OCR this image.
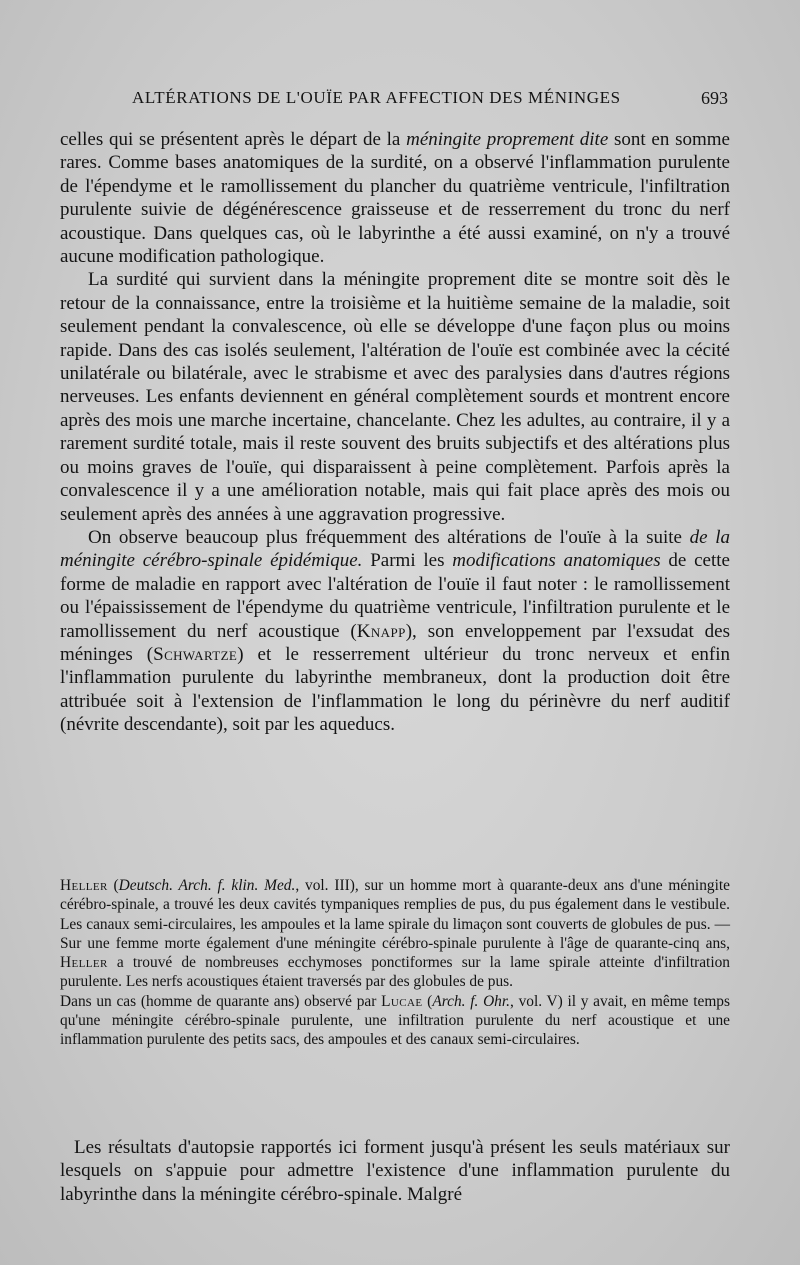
ALTÉRATIONS DE L'OUÏE PAR AFFECTION DES MÉNINGES	693

celles qui se présentent après le départ de la méningite proprement dite sont en somme rares. Comme bases anatomiques de la surdité, on a observé l'inflammation purulente de l'épendyme et le ramollissement du plancher du quatrième ventricule, l'infiltration purulente suivie de dégénérescence graisseuse et de resserrement du tronc du nerf acoustique. Dans quelques cas, où le labyrinthe a été aussi examiné, on n'y a trouvé aucune modification pathologique.

La surdité qui survient dans la méningite proprement dite se montre soit dès le retour de la connaissance, entre la troisième et la huitième semaine de la maladie, soit seulement pendant la convalescence, où elle se développe d'une façon plus ou moins rapide. Dans des cas isolés seulement, l'altération de l'ouïe est combinée avec la cécité unilatérale ou bilatérale, avec le strabisme et avec des paralysies dans d'autres régions nerveuses. Les enfants deviennent en général complètement sourds et montrent encore après des mois une marche incertaine, chancelante. Chez les adultes, au contraire, il y a rarement surdité totale, mais il reste souvent des bruits subjectifs et des altérations plus ou moins graves de l'ouïe, qui disparaissent à peine complètement. Parfois après la convalescence il y a une amélioration notable, mais qui fait place après des mois ou seulement après des années à une aggravation progressive.

On observe beaucoup plus fréquemment des altérations de l'ouïe à la suite de la méningite cérébro-spinale épidémique. Parmi les modifications anatomiques de cette forme de maladie en rapport avec l'altération de l'ouïe il faut noter : le ramollissement ou l'épaississement de l'épendyme du quatrième ventricule, l'infiltration purulente et le ramollissement du nerf acoustique (Knapp), son enveloppement par l'exsudat des méninges (Schwartze) et le resserrement ultérieur du tronc nerveux et enfin l'inflammation purulente du labyrinthe membraneux, dont la production doit être attribuée soit à l'extension de l'inflammation le long du périnèvre du nerf auditif (névrite descendante), soit par les aqueducs.

Heller (Deutsch. Arch. f. klin. Med., vol. III), sur un homme mort à quarante-deux ans d'une méningite cérébro-spinale, a trouvé les deux cavités tympaniques remplies de pus, du pus également dans le vestibule. Les canaux semi-circulaires, les ampoules et la lame spirale du limaçon sont couverts de globules de pus. — Sur une femme morte également d'une méningite cérébro-spinale purulente à l'âge de quarante-cinq ans, Heller a trouvé de nombreuses ecchymoses ponctiformes sur la lame spirale atteinte d'infiltration purulente. Les nerfs acoustiques étaient traversés par des globules de pus.

Dans un cas (homme de quarante ans) observé par Lucae (Arch. f. Ohr., vol. V) il y avait, en même temps qu'une méningite cérébro-spinale purulente, une infiltration purulente du nerf acoustique et une inflammation purulente des petits sacs, des ampoules et des canaux semi-circulaires.

Les résultats d'autopsie rapportés ici forment jusqu'à présent les seuls matériaux sur lesquels on s'appuie pour admettre l'existence d'une inflammation purulente du labyrinthe dans la méningite cérébro-spinale. Malgré
